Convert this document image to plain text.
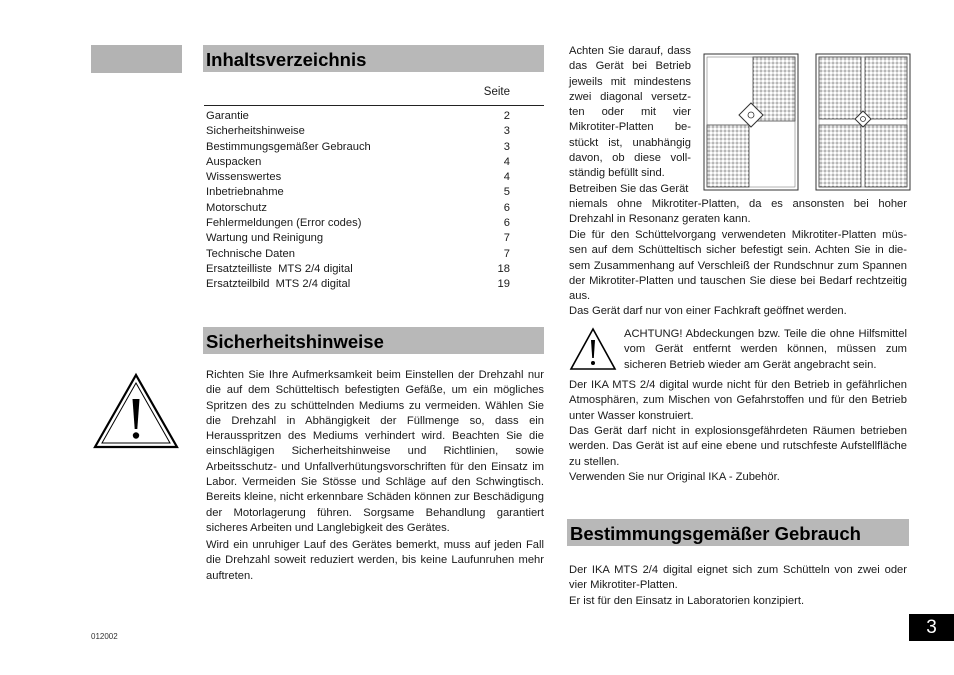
Inhaltsverzeichnis
Seite
Garantie	2
Sicherheitshinweise	3
Bestimmungsgemäßer Gebrauch	3
Auspacken	4
Wissenswertes	4
Inbetriebnahme	5
Motorschutz	6
Fehlermeldungen (Error codes)	6
Wartung und Reinigung	7
Technische Daten	7
Ersatzteilliste  MTS 2/4 digital	18
Ersatzteilbild  MTS 2/4 digital	19
Sicherheitshinweise
Richten Sie Ihre Aufmerksamkeit beim Einstellen der Drehzahl nur die auf dem Schütteltisch befestigten Gefäße, um ein mögliches Spritzen des zu schüttelnden Mediums zu vermeiden. Wählen Sie die Drehzahl in Abhängigkeit der Füllmenge so, dass ein Herausspritzen des Mediums verhindert wird. Beachten Sie die einschlägigen Sicherheitshinweise und Richtlinien, sowie Arbeitsschutz- und Unfallverhütungsvorschriften für den Einsatz im Labor. Vermeiden Sie Stösse und Schläge auf den Schwingtisch. Bereits kleine, nicht erkennbare Schäden können zur Beschädigung der Motorlagerung führen. Sorgsame Behandlung garantiert sicheres Arbeiten und Langlebigkeit des Gerätes.
Wird ein unruhiger Lauf des Gerätes bemerkt, muss auf jeden Fall die Drehzahl soweit reduziert werden, bis keine Laufunruhen mehr auftreten.
Achten Sie darauf, dass
das Gerät bei Betrieb
jeweils mit mindestens
zwei diagonal versetz-
ten oder mit vier
Mikrotiter-Platten be-
stückt ist, unabhängig
davon, ob diese voll-
ständig befüllt sind.
Betreiben Sie das Gerät
niemals ohne Mikrotiter-Platten, da es ansonsten bei hoher Drehzahl in Resonanz geraten kann.
Die für den Schüttelvorgang verwendeten Mikrotiter-Platten müs-sen auf dem Schütteltisch sicher befestigt sein. Achten Sie in die-sem Zusammenhang auf Verschleiß der Rundschnur zum Spannen der Mikrotiter-Platten und tauschen Sie diese bei Bedarf rechtzeitig aus.
Das Gerät darf nur von einer Fachkraft geöffnet werden.
ACHTUNG! Abdeckungen bzw. Teile die ohne Hilfsmittel vom Gerät entfernt werden können, müssen zum sicheren Betrieb wieder am Gerät angebracht sein.
Der IKA MTS 2/4 digital wurde nicht für den Betrieb in gefährlichen Atmosphären, zum Mischen von Gefahrstoffen und für den Betrieb unter Wasser konstruiert.
Das Gerät darf nicht in explosionsgefährdeten Räumen betrieben werden. Das Gerät ist auf eine ebene und rutschfeste Aufstellfläche zu stellen.
Verwenden Sie nur Original IKA - Zubehör.
Bestimmungsgemäßer Gebrauch
Der IKA MTS 2/4 digital eignet sich zum Schütteln von zwei oder vier Mikrotiter-Platten.
Er ist für den Einsatz in Laboratorien konzipiert.
012002	3
